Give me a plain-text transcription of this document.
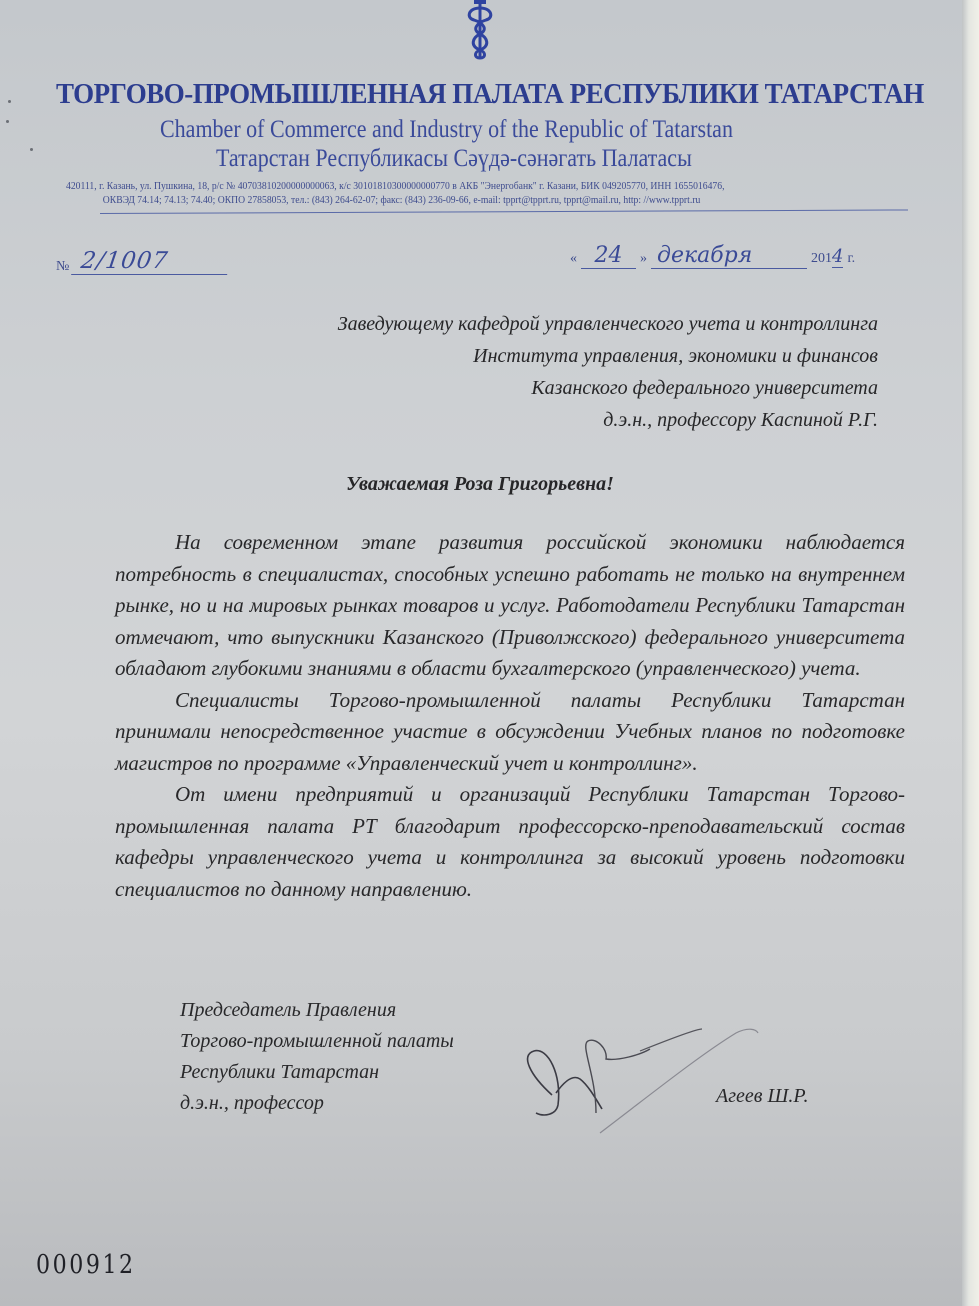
ТОРГОВО-ПРОМЫШЛЕННАЯ ПАЛАТА РЕСПУБЛИКИ ТАТАРСТАН
Chamber of Commerce and Industry of the Republic of Tatarstan
Татарстан Республикасы Сәүдә-сәнәгать Палатасы
420111, г. Казань, ул. Пушкина, 18, р/с № 40703810200000000063, к/с 30101810300000000770 в АКБ "Энергобанк" г. Казани, БИК 049205770, ИНН 1655016476,
ОКВЭД 74.14; 74.13; 74.40; ОКПО 27858053, тел.: (843) 264-62-07; факс: (843) 236-09-66, e-mail: tpprt@tpprt.ru, tpprt@mail.ru, http: //www.tpprt.ru
№ 2/1007	« 24 » декабря	2014 г.
Заведующему кафедрой управленческого учета и контроллинга
Института управления, экономики и финансов
Казанского федерального университета
д.э.н., профессору Каспиной Р.Г.
Уважаемая Роза Григорьевна!

На современном этапе развития российской экономики наблюдается потребность в специалистах, способных успешно работать не только на внутреннем рынке, но и на мировых рынках товаров и услуг. Работодатели Республики Татарстан отмечают, что выпускники Казанского (Приволжского) федерального университета обладают глубокими знаниями в области бухгалтерского (управленческого) учета.

Специалисты Торгово-промышленной палаты Республики Татарстан принимали непосредственное участие в обсуждении Учебных планов по подготовке магистров по программе «Управленческий учет и контроллинг».

От имени предприятий и организаций Республики Татарстан Торгово-промышленная палата РТ благодарит профессорско-преподавательский состав кафедры управленческого учета и контроллинга за высокий уровень подготовки специалистов по данному направлению.

Председатель Правления
Торгово-промышленной палаты
Республики Татарстан
д.э.н., профессор	Агеев Ш.Р.
000912
